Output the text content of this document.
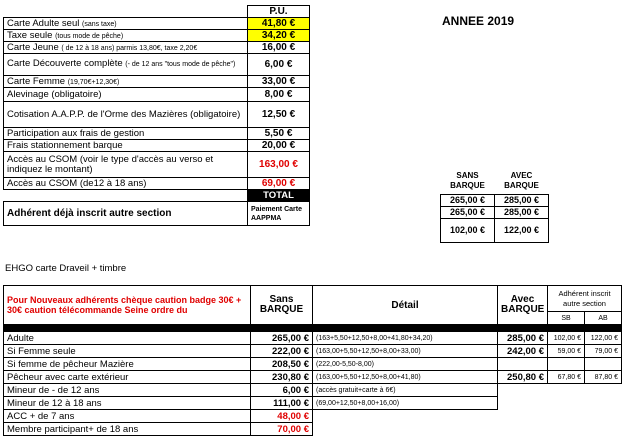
ANNEE 2019
	P.U.
Carte Adulte seul (sans taxe)	41,80 €
Taxe seule (tous mode de pêche)	34,20 €
Carte Jeune ( de 12 à 18 ans) parmis 13,80€, taxe 2,20€	16,00 €
Carte Découverte complète (- de 12 ans "tous mode de pêche")	6,00 €
Carte Femme (19,70€+12,30€)	33,00 €
Alevinage (obligatoire)	8,00 €
Cotisation A.A.P.P. de l'Orme des Mazières (obligatoire)	12,50 €
Participation aux frais de gestion	5,50 €
Frais stationnement barque	20,00 €
Accès au CSOM (voir le type d'accès au verso et indiquez le montant)	163,00 €
Accès au CSOM (de12 à 18 ans)	69,00 €
	TOTAL
Adhérent déjà inscrit autre section	Paiement Carte AAPPMA
SANS BARQUE	AVEC BARQUE
265,00 €	285,00 €
265,00 €	285,00 €
102,00 €	122,00 €
EHGO carte Draveil + timbre
Pour Nouveaux adhérents chèque caution badge 30€ + 30€ caution télécommande Seine ordre du	Sans BARQUE	Détail	Avec BARQUE	Adhérent inscrit autre section	
				SB	AB

Adulte	265,00 €	(163+5,50+12,50+8,00+41,80+34,20)	285,00 €	102,00 €	122,00 €
Si Femme seule	222,00 €	(163,00+5,50+12,50+8,00+33,00)	242,00 €	59,00 €	79,00 €
Si femme de pêcheur Mazière	208,50 €	(222,00-5,50-8,00)			
Pêcheur avec carte extérieur	230,80 €	(163,00+5,50+12,50+8,00+41,80)	250,80 €	67,80 €	87,80 €
Mineur de - de 12 ans	6,00 €	(accès gratuit+carte à 6€)			
Mineur de 12 à 18 ans	111,00 €	(69,00+12,50+8,00+16,00)			
ACC + de 7 ans	48,00 €				
Membre participant+ de 18 ans	70,00 €				
